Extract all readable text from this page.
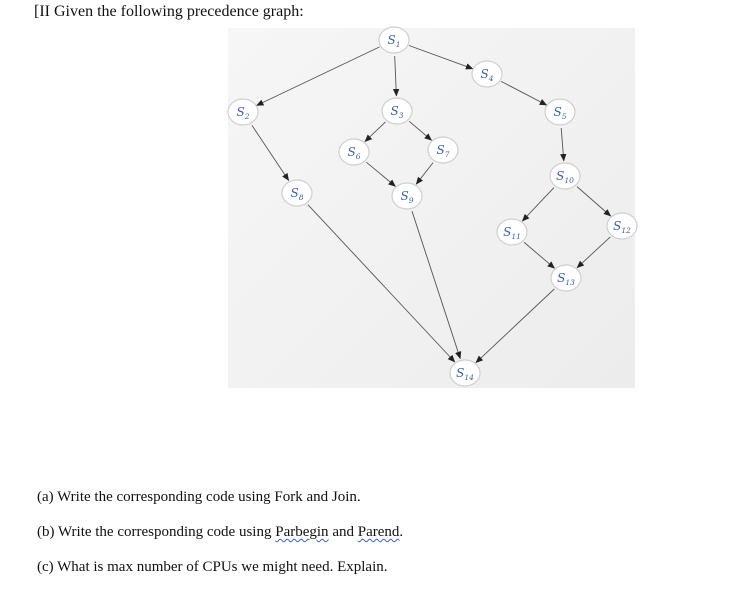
[II Given the following precedence graph:
$S_1$
$S_2$	$S_3$
$S_4$
$S_5$
$S_6$	$S_7$
$S_8$	$S_9$
$S_{10}$
$S_{11}$
$S_{12}$
$S_{13}$
$S_{14}$
(a) Write the corresponding code using Fork and Join.
(b) Write the corresponding code using Parbegin and Parend.
(c) What is max number of CPUs we might need. Explain.
